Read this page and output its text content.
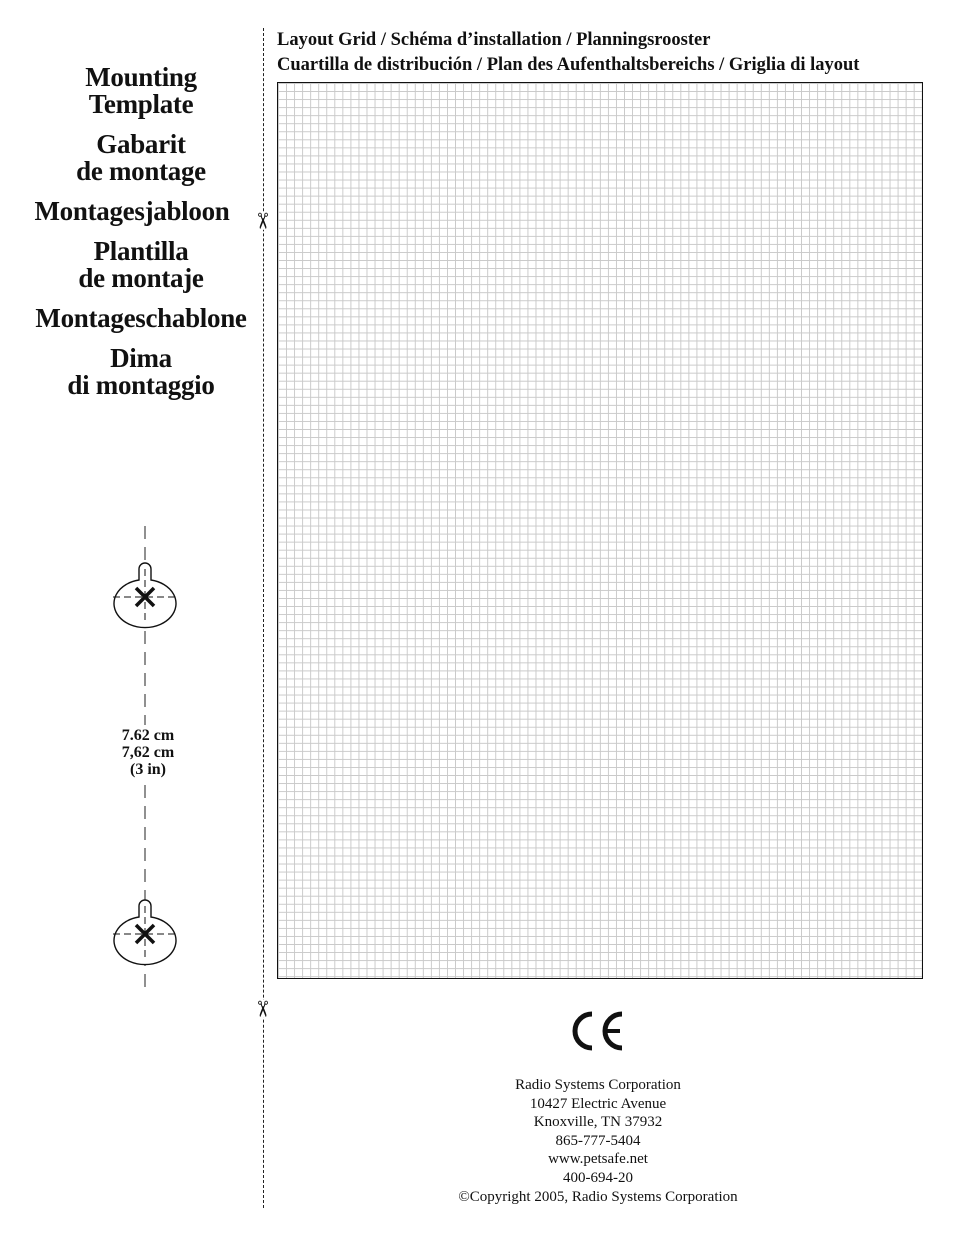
Mounting
Template
Gabarit
de montage
Montagesjabloon
Plantilla
de montaje
Montageschablone
Dima
di montaggio
✂
✂
7.62 cm
7,62 cm
(3 in)
Layout Grid / Schéma d’installation / Planningsrooster
Cuartilla de distribución / Plan des Aufenthaltsbereichs / Griglia di layout
Radio Systems Corporation
10427 Electric Avenue
Knoxville, TN 37932
865-777-5404
www.petsafe.net
400-694-20
©Copyright 2005, Radio Systems Corporation
